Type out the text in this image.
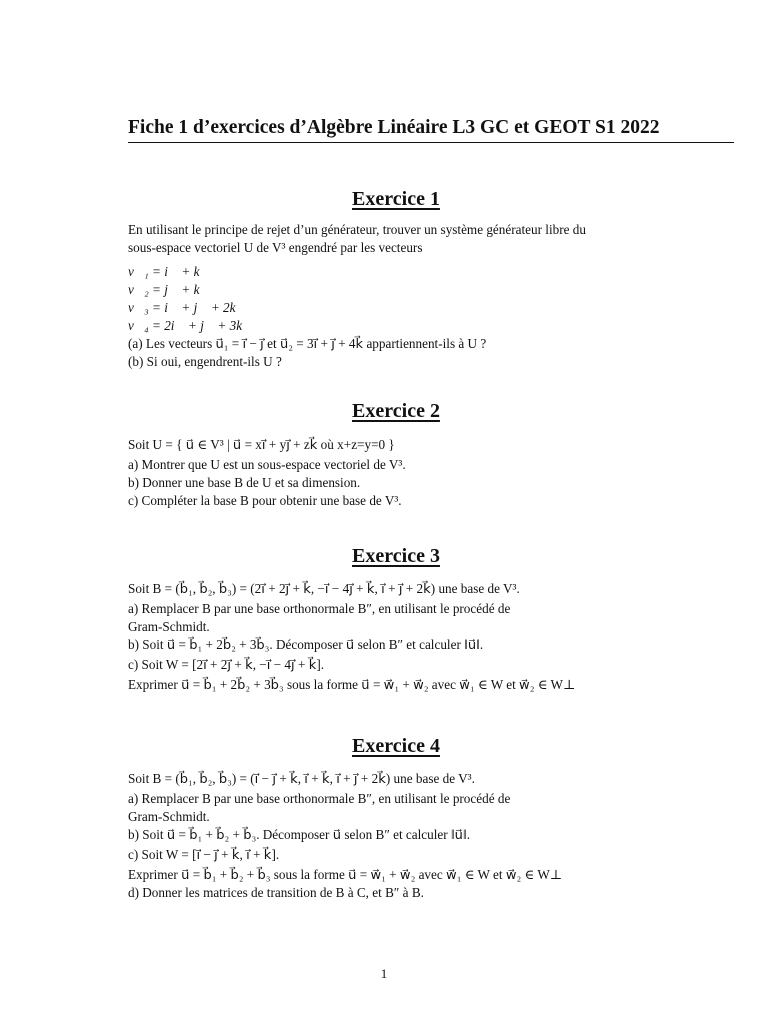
Fiche 1 d’exercices d’Algèbre Linéaire L3 GC et GEOT S1 2022
Exercice 1
En utilisant le principe de rejet d’un générateur, trouver un système générateur libre du
sous-espace vectoriel U de V³ engendré par les vecteurs
v⃗₁ = i⃗ + k⃗
v⃗₂ = j⃗ + k⃗
v⃗₃ = i⃗ + j⃗ + 2k⃗
v⃗₄ = 2i⃗ + j⃗ + 3k⃗
(a) Les vecteurs u⃗₁ = i⃗ − j⃗ et u⃗₂ = 3i⃗ + j⃗ + 4k⃗ appartiennent-ils à U ?
(b) Si oui, engendrent-ils U ?
Exercice 2
Soit U = { u⃗ ∈ V³ | u⃗ = xi⃗ + yj⃗ + zk⃗ où x+z=y=0 }
a) Montrer que U est un sous-espace vectoriel de V³.
b) Donner une base B de U et sa dimension.
c) Compléter la base B pour obtenir une base de V³.
Exercice 3
Soit B = (b⃗₁, b⃗₂, b⃗₃) = (2i⃗ + 2j⃗ + k⃗, −i⃗ − 4j⃗ + k⃗, i⃗ + j⃗ + 2k⃗) une base de V³.
a) Remplacer B par une base orthonormale B″, en utilisant le procédé de
Gram-Schmidt.
b) Soit u⃗ = b⃗₁ + 2b⃗₂ + 3b⃗₃. Décomposer u⃗ selon B″ et calculer ‖u⃗‖.
c) Soit W = [2i⃗ + 2j⃗ + k⃗, −i⃗ − 4j⃗ + k⃗].
Exprimer u⃗ = b⃗₁ + 2b⃗₂ + 3b⃗₃ sous la forme u⃗ = w⃗₁ + w⃗₂ avec w⃗₁ ∈ W et w⃗₂ ∈ W⊥
Exercice 4
Soit B = (b⃗₁, b⃗₂, b⃗₃) = (i⃗ − j⃗ + k⃗, i⃗ + k⃗, i⃗ + j⃗ + 2k⃗) une base de V³.
a) Remplacer B par une base orthonormale B″, en utilisant le procédé de
Gram-Schmidt.
b) Soit u⃗ = b⃗₁ + b⃗₂ + b⃗₃. Décomposer u⃗ selon B″ et calculer ‖u⃗‖.
c) Soit W = [i⃗ − j⃗ + k⃗, i⃗ + k⃗].
Exprimer u⃗ = b⃗₁ + b⃗₂ + b⃗₃ sous la forme u⃗ = w⃗₁ + w⃗₂ avec w⃗₁ ∈ W et w⃗₂ ∈ W⊥
d) Donner les matrices de transition de B à C, et B″ à B.
1
